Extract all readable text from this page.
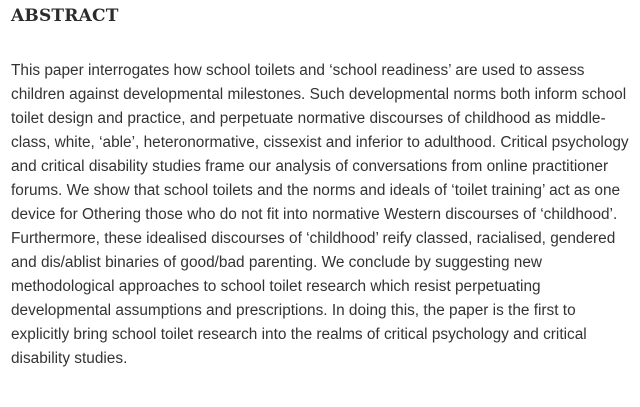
ABSTRACT

This paper interrogates how school toilets and ‘school readiness’ are used to assess children against developmental milestones. Such developmental norms both inform school toilet design and practice, and perpetuate normative discourses of childhood as middle-class, white, ‘able’, heteronormative, cissexist and inferior to adulthood. Critical psychology and critical disability studies frame our analysis of conversations from online practitioner forums. We show that school toilets and the norms and ideals of ‘toilet training’ act as one device for Othering those who do not fit into normative Western discourses of ‘childhood’. Furthermore, these idealised discourses of ‘childhood’ reify classed, racialised, gendered and dis/ablist binaries of good/bad parenting. We conclude by suggesting new methodological approaches to school toilet research which resist perpetuating developmental assumptions and prescriptions. In doing this, the paper is the first to explicitly bring school toilet research into the realms of critical psychology and critical disability studies.
